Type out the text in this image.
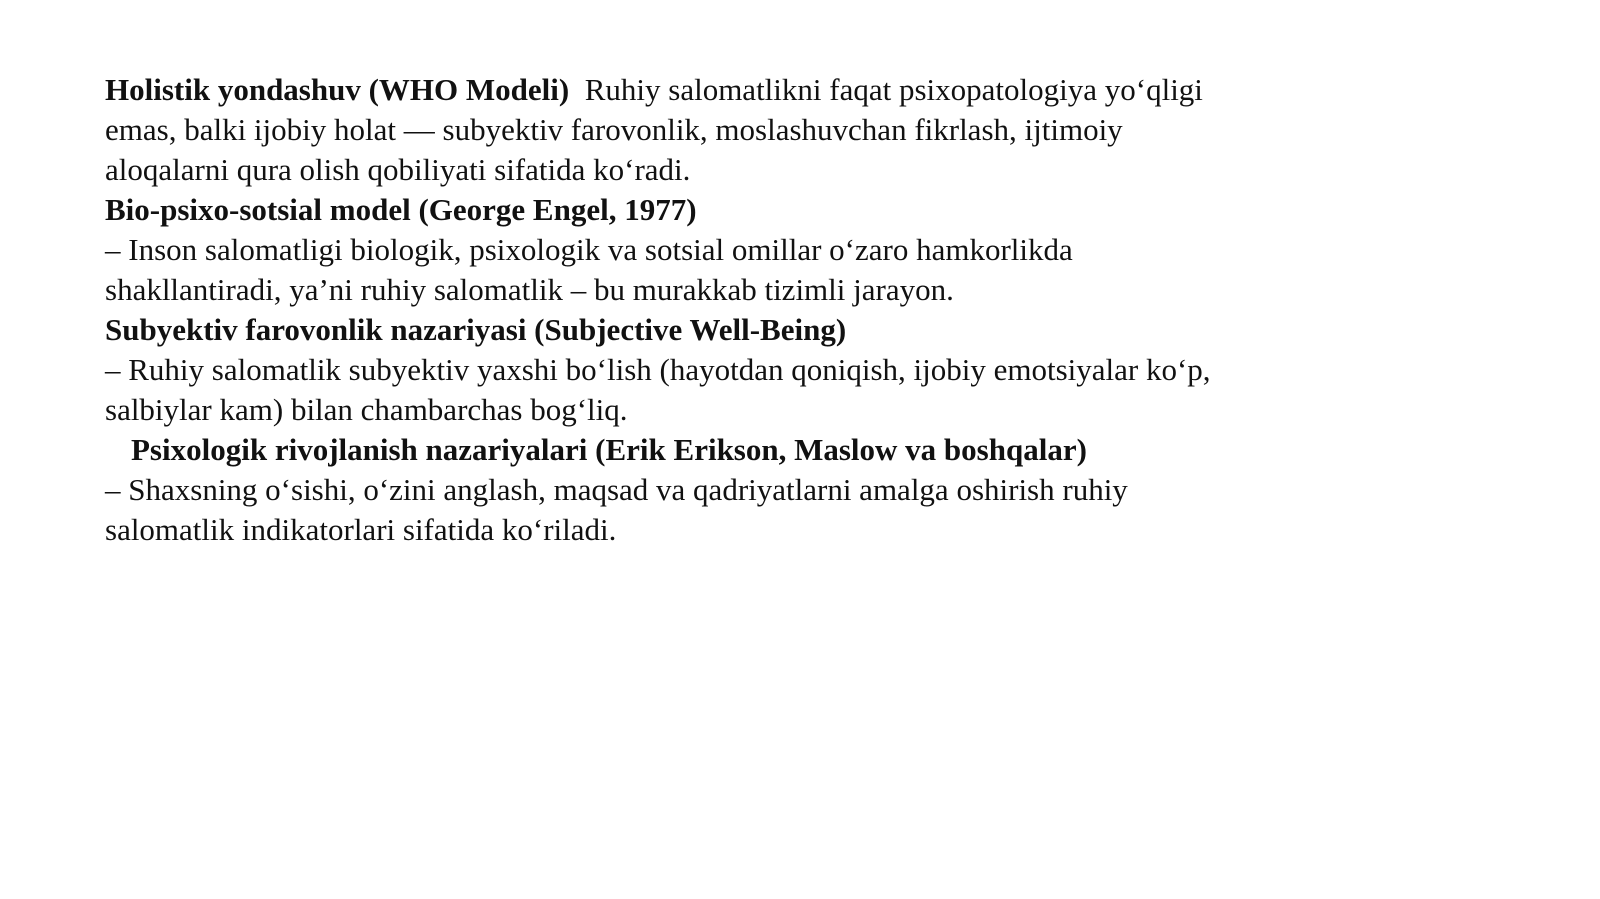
Holistik yondashuv (WHO Modeli) Ruhiy salomatlikni faqat psixopatologiya yo‘qligi emas, balki ijobiy holat — subyektiv farovonlik, moslashuvchan fikrlash, ijtimoiy aloqalarni qura olish qobiliyati sifatida ko‘radi.

Bio-psixo-sotsial model (George Engel, 1977)

– Inson salomatligi biologik, psixologik va sotsial omillar o‘zaro hamkorlikda shakllantiradi, ya’ni ruhiy salomatlik – bu murakkab tizimli jarayon.

Subyektiv farovonlik nazariyasi (Subjective Well-Being)

– Ruhiy salomatlik subyektiv yaxshi bo‘lish (hayotdan qoniqish, ijobiy emotsiyalar ko‘p, salbiylar kam) bilan chambarchas bog‘liq.

Psixologik rivojlanish nazariyalari (Erik Erikson, Maslow va boshqalar)

– Shaxsning o‘sishi, o‘zini anglash, maqsad va qadriyatlarni amalga oshirish ruhiy salomatlik indikatorlari sifatida ko‘riladi.
